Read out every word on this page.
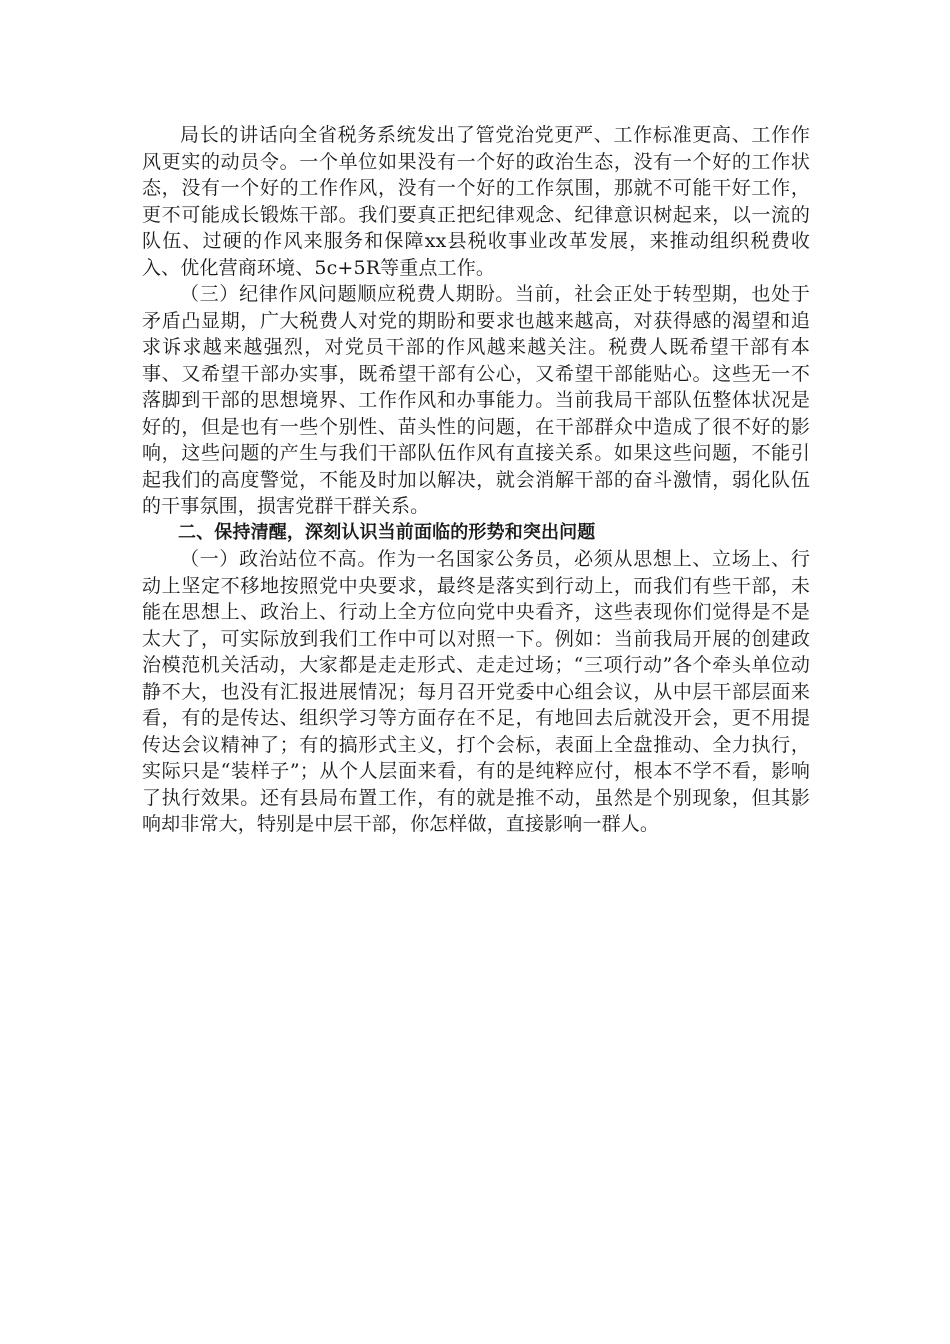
局长的讲话向全省税务系统发出了管党治党更严、工作标准更高、工作作风更实的动员令。一个单位如果没有一个好的政治生态，没有一个好的工作状态，没有一个好的工作作风，没有一个好的工作氛围，那就不可能干好工作，更不可能成长锻炼干部。我们要真正把纪律观念、纪律意识树起来，以一流的队伍、过硬的作风来服务和保障xx县税收事业改革发展，来推动组织税费收入、优化营商环境、5c+5R等重点工作。

（三）纪律作风问题顺应税费人期盼。当前，社会正处于转型期，也处于矛盾凸显期，广大税费人对党的期盼和要求也越来越高，对获得感的渴望和追求诉求越来越强烈，对党员干部的作风越来越关注。税费人既希望干部有本事、又希望干部办实事，既希望干部有公心，又希望干部能贴心。这些无一不落脚到干部的思想境界、工作作风和办事能力。当前我局干部队伍整体状况是好的，但是也有一些个别性、苗头性的问题，在干部群众中造成了很不好的影响，这些问题的产生与我们干部队伍作风有直接关系。如果这些问题，不能引起我们的高度警觉，不能及时加以解决，就会消解干部的奋斗激情，弱化队伍的干事氛围，损害党群干群关系。

二、保持清醒，深刻认识当前面临的形势和突出问题

（一）政治站位不高。作为一名国家公务员，必须从思想上、立场上、行动上坚定不移地按照党中央要求，最终是落实到行动上，而我们有些干部，未能在思想上、政治上、行动上全方位向党中央看齐，这些表现你们觉得是不是太大了，可实际放到我们工作中可以对照一下。例如：当前我局开展的创建政治模范机关活动，大家都是走走形式、走走过场；“三项行动”各个牵头单位动静不大，也没有汇报进展情况；每月召开党委中心组会议，从中层干部层面来看，有的是传达、组织学习等方面存在不足，有地回去后就没开会，更不用提传达会议精神了；有的搞形式主义，打个会标，表面上全盘推动、全力执行，实际只是“装样子”；从个人层面来看，有的是纯粹应付，根本不学不看，影响了执行效果。还有县局布置工作，有的就是推不动，虽然是个别现象，但其影响却非常大，特别是中层干部，你怎样做，直接影响一群人。
